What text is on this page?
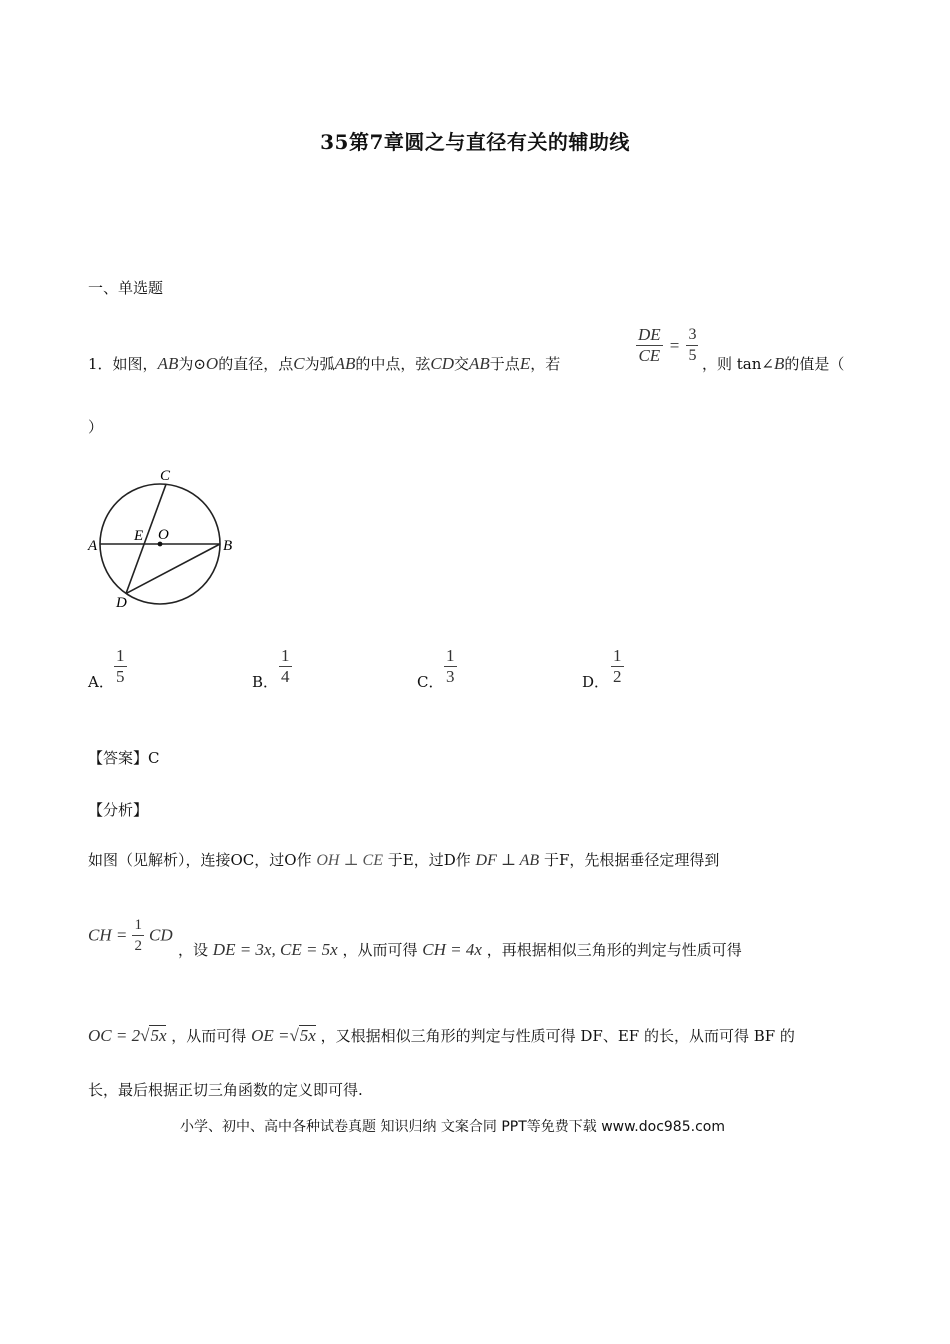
35第7章圆之与直径有关的辅助线
一、单选题
1．如图，AB为⊙O的直径，点C为弧AB的中点，弦CD交AB于点E，若	$\frac{DE}{CE} = \frac{3}{5}$ ，则 tan∠B的值是（
）
A	B
C
D
E O
A． $\frac{1}{5}$	B． $\frac{1}{4}$	C． $\frac{1}{3}$	D． $\frac{1}{2}$
【答案】C
【分析】
如图（见解析），连接OC，过O作 OH ⊥ CE 于E，过D作 DF ⊥ AB 于F，先根据垂径定理得到
CH = $\frac{1}{2}$ CD
，设 DE = 3x, CE = 5x ，从而可得 CH = 4x ，再根据相似三角形的判定与性质可得
OC = 2√5x ，从而可得 OE =√5x ，又根据相似三角形的判定与性质可得 DF、EF 的长，从而可得 BF 的
长，最后根据正切三角函数的定义即可得.
小学、初中、高中各种试卷真题 知识归纳 文案合同 PPT等免费下载 www.doc985.com
